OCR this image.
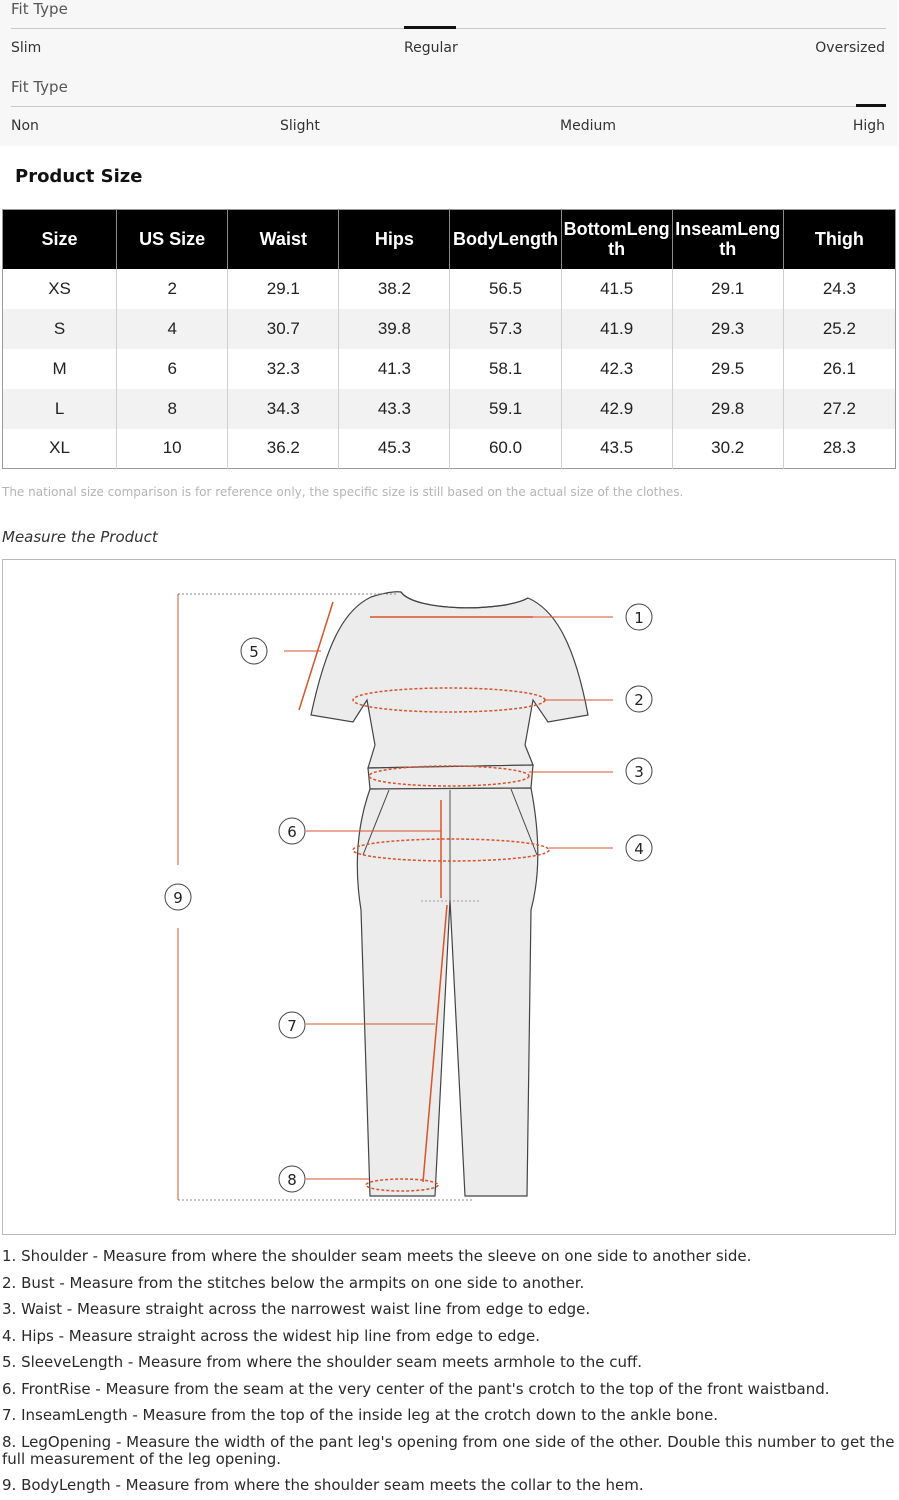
Fit Type
Slim	Regular	Oversized
Fit Type
Non	Slight	Medium	High
Product Size
Size	US Size	Waist	Hips	BodyLength	BottomLength	InseamLength	Thigh
XS	2	29.1	38.2	56.5	41.5	29.1	24.3
S	4	30.7	39.8	57.3	41.9	29.3	25.2
M	6	32.3	41.3	58.1	42.3	29.5	26.1
L	8	34.3	43.3	59.1	42.9	29.8	27.2
XL	10	36.2	45.3	60.0	43.5	30.2	28.3
The national size comparison is for reference only, the specific size is still based on the actual size of the clothes.
Measure the Product
1
2
3
4
5
6
7
8
9
1. Shoulder - Measure from where the shoulder seam meets the sleeve on one side to another side.
2. Bust - Measure from the stitches below the armpits on one side to another.
3. Waist - Measure straight across the narrowest waist line from edge to edge.
4. Hips - Measure straight across the widest hip line from edge to edge.
5. SleeveLength - Measure from where the shoulder seam meets armhole to the cuff.
6. FrontRise - Measure from the seam at the very center of the pant's crotch to the top of the front waistband.
7. InseamLength - Measure from the top of the inside leg at the crotch down to the ankle bone.
8. LegOpening - Measure the width of the pant leg's opening from one side of the other. Double this number to get the full measurement of the leg opening.
9. BodyLength - Measure from where the shoulder seam meets the collar to the hem.
